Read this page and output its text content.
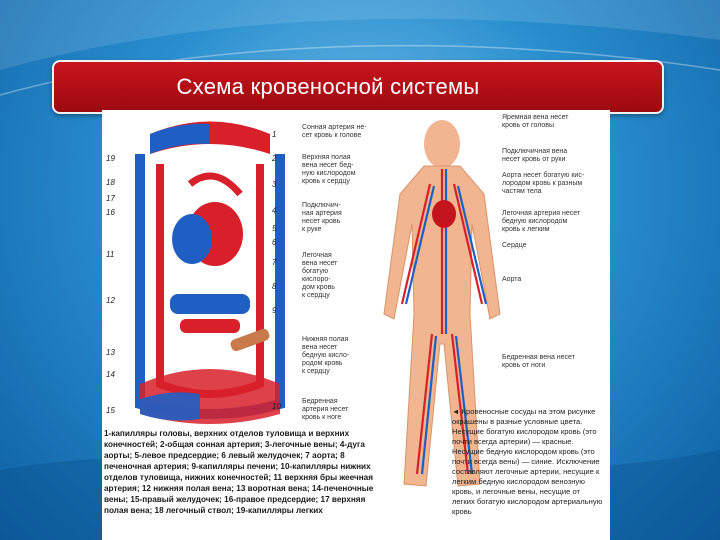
Схема кровеносной системы
19
18
17
16
1
2
3
4
5
6
7
8
9
10
11
12
13
14
15
Сонная артерия не-
сет кровь к голове
Верхняя полая
вена несет бед-
ную кислородом
кровь к сердцу
Подключич-
ная артерия
несет кровь
к руке
Легочная
вена несет
богатую
кислоро-
дом кровь
к сердцу
Нижняя полая
вена несет
бедную кисло-
родом кровь
к сердцу
Бедренная
артерия несет
кровь к ноге
Яремная вена несет
кровь от головы
Подключичная вена
несет кровь от руки
Аорта несет богатую кис-
лородом кровь к разным
частям тела
Легочная артерия несет
бедную кислородом
кровь к легким
Сердце
Аорта
Бедренная вена несет
кровь от ноги
1-капилляры головы, верхних отделов туловища и верхних конечностей; 2-общая сонная артерия; 3-легочные вены; 4-дуга аорты; 5-левое предсердие; 6 левый желудочек; 7 аорта; 8 печеночная артерия; 9-капилляры печени; 10-капилляры нижних отделов туловища, нижних конечностей; 11 верхняя бры жеечная артерия; 12 нижняя полая вена; 13 воротная вена; 14-печеночные вены; 15-правый желудочек; 16-правое предсердие; 17 верхняя полая вена; 18 легочный ствол; 19-капилляры легких
◄ Кровеносные сосуды на этом рисунке окрашены в разные условные цвета. Несущие богатую кислородом кровь (это почти всегда артерии) — красные. Несущие бедную кислородом кровь (это почти всегда вены) — синие. Исключение составляют легочные артерии, несущие к легким бедную кислородом венозную кровь, и легочные вены, несущие от легких богатую кислородом артериальную кровь
